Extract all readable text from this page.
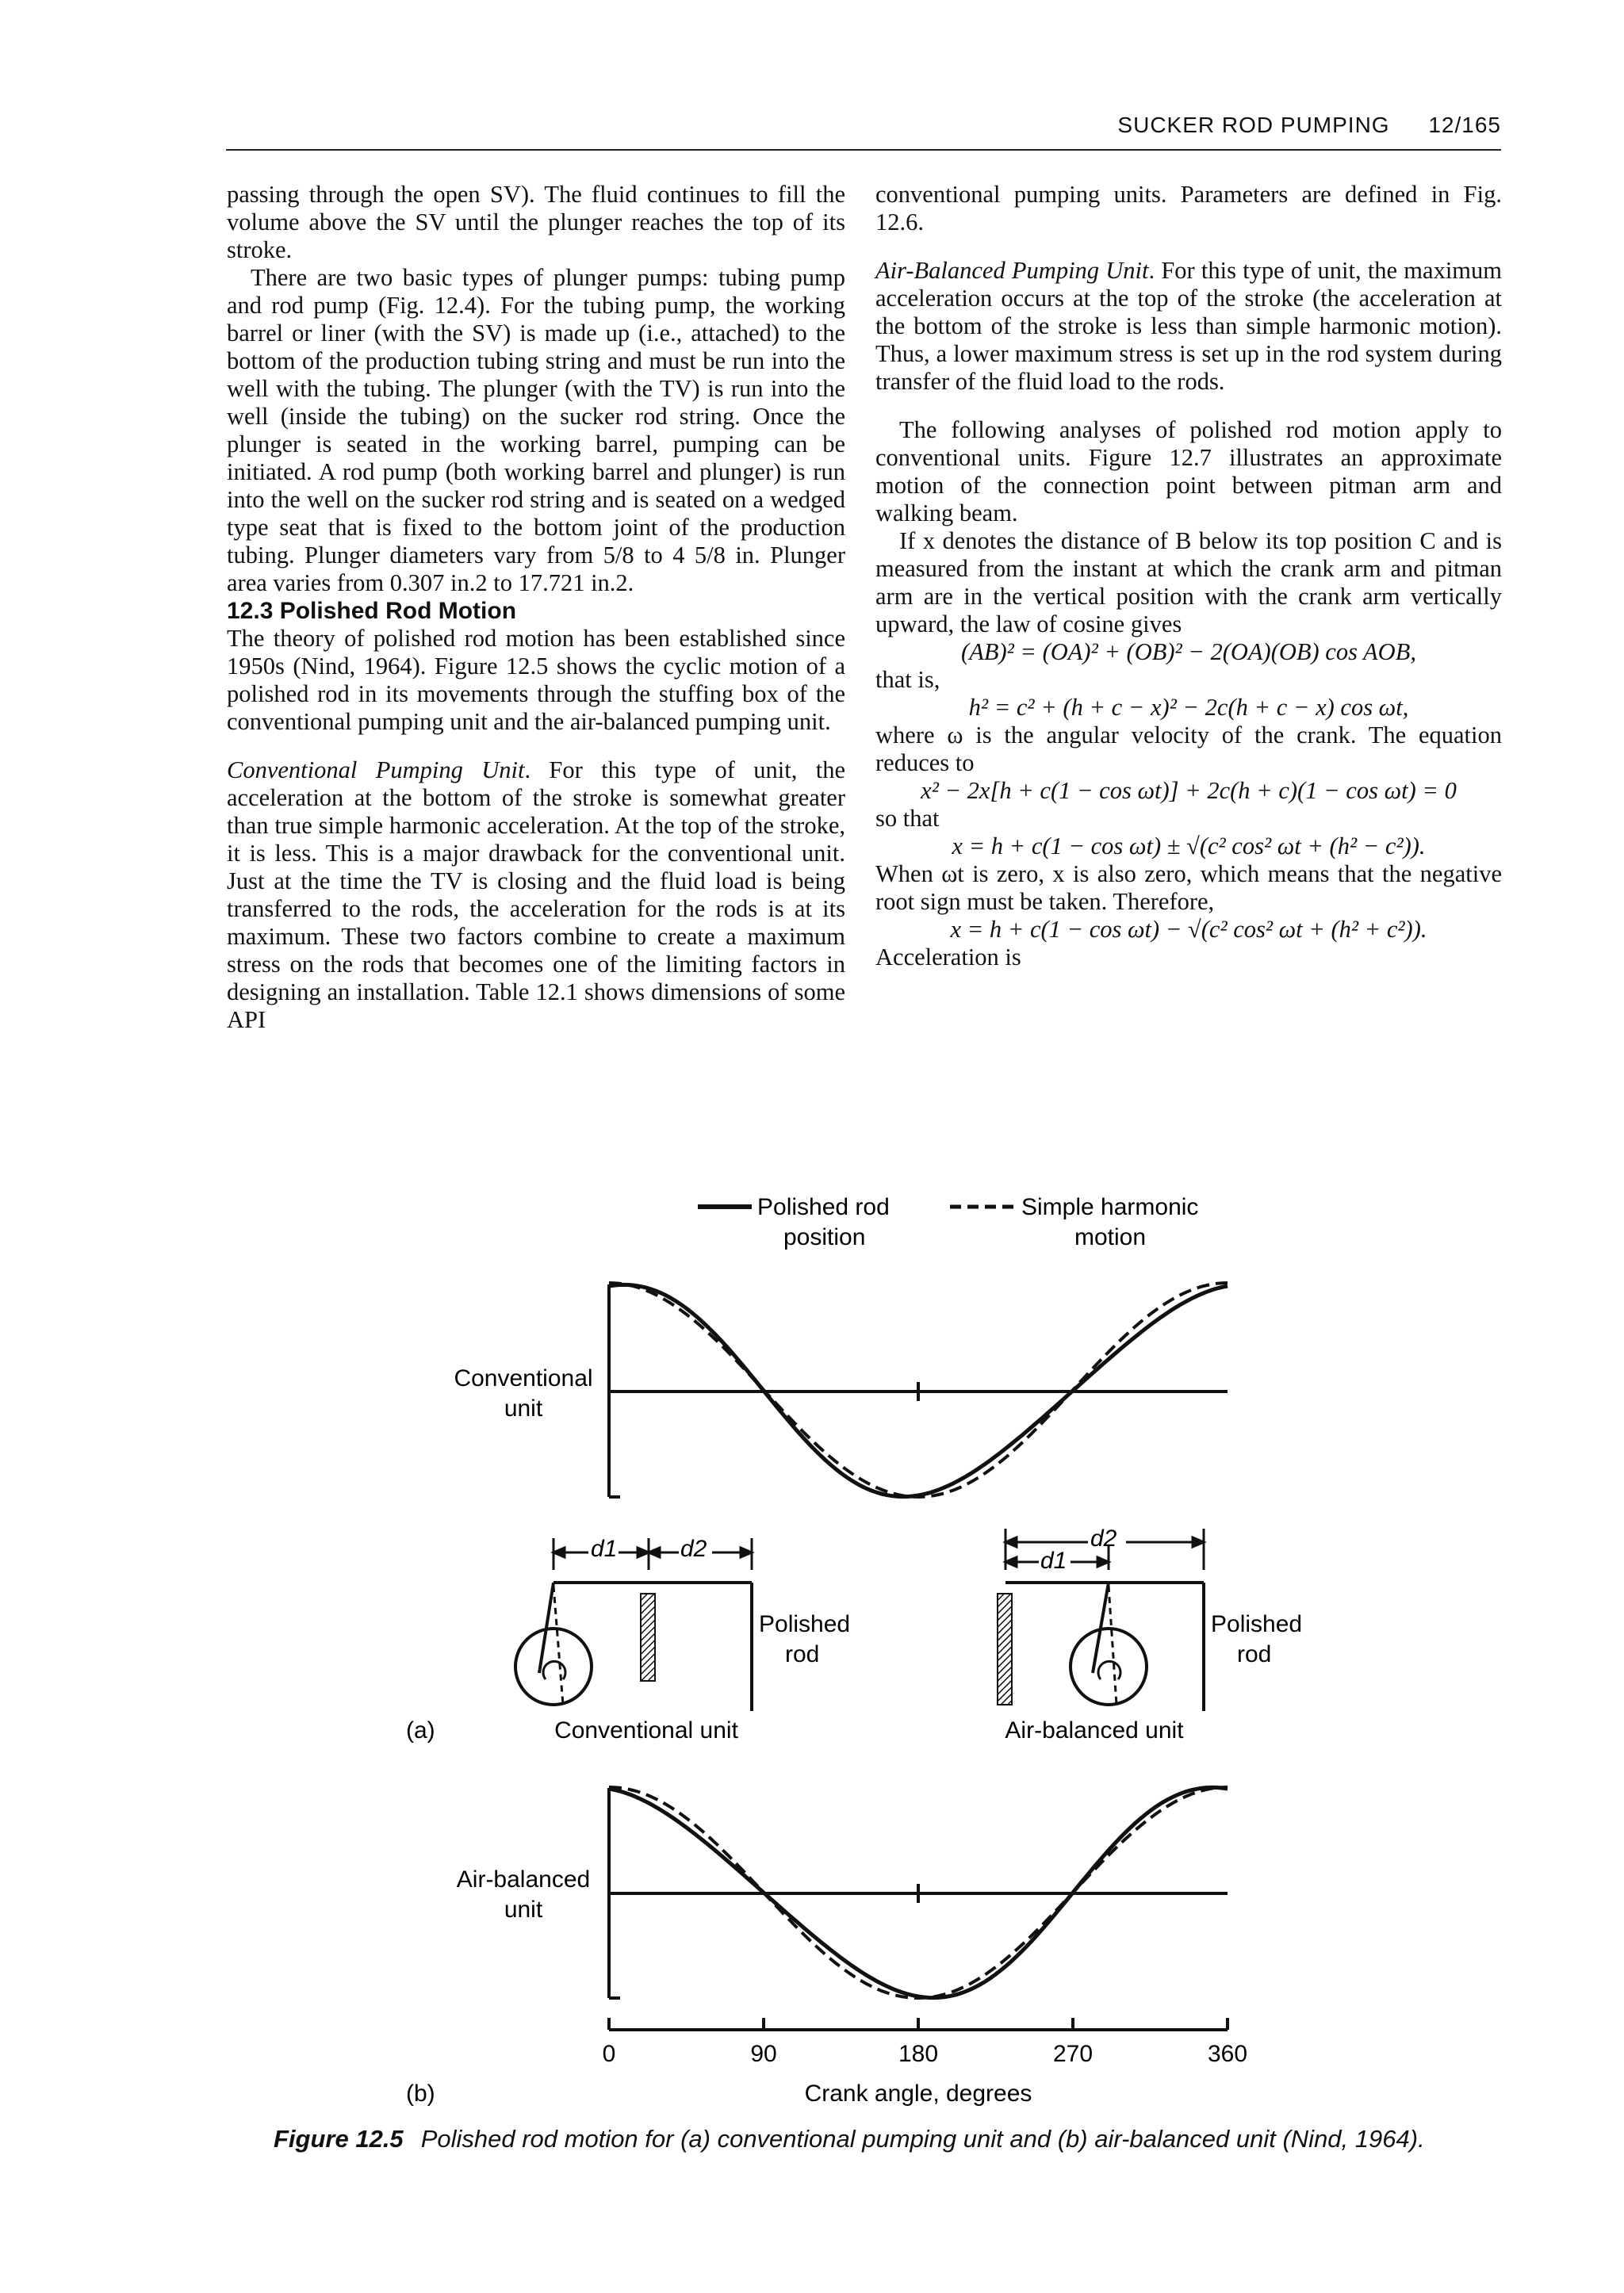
SUCKER ROD PUMPING 12/165

passing through the open SV). The fluid continues to fill the volume above the SV until the plunger reaches the top of its stroke.

There are two basic types of plunger pumps: tubing pump and rod pump (Fig. 12.4). For the tubing pump, the working barrel or liner (with the SV) is made up (i.e., attached) to the bottom of the production tubing string and must be run into the well with the tubing. The plunger (with the TV) is run into the well (inside the tubing) on the sucker rod string. Once the plunger is seated in the working barrel, pumping can be initiated. A rod pump (both working barrel and plunger) is run into the well on the sucker rod string and is seated on a wedged type seat that is fixed to the bottom joint of the production tubing. Plunger diameters vary from 5/8 to 4 5/8 in. Plunger area varies from 0.307 in.2 to 17.721 in.2.

12.3 Polished Rod Motion

The theory of polished rod motion has been established since 1950s (Nind, 1964). Figure 12.5 shows the cyclic motion of a polished rod in its movements through the stuffing box of the conventional pumping unit and the air-balanced pumping unit.

Conventional Pumping Unit. For this type of unit, the acceleration at the bottom of the stroke is somewhat greater than true simple harmonic acceleration. At the top of the stroke, it is less. This is a major drawback for the conventional unit. Just at the time the TV is closing and the fluid load is being transferred to the rods, the acceleration for the rods is at its maximum. These two factors combine to create a maximum stress on the rods that becomes one of the limiting factors in designing an installation. Table 12.1 shows dimensions of some API

conventional pumping units. Parameters are defined in Fig. 12.6.

Air-Balanced Pumping Unit. For this type of unit, the maximum acceleration occurs at the top of the stroke (the acceleration at the bottom of the stroke is less than simple harmonic motion). Thus, a lower maximum stress is set up in the rod system during transfer of the fluid load to the rods.

The following analyses of polished rod motion apply to conventional units. Figure 12.7 illustrates an approximate motion of the connection point between pitman arm and walking beam.

If x denotes the distance of B below its top position C and is measured from the instant at which the crank arm and pitman arm are in the vertical position with the crank arm vertically upward, the law of cosine gives

(AB)² = (OA)² + (OB)² − 2(OA)(OB) cos AOB,

that is,

h² = c² + (h + c − x)² − 2c(h + c − x) cos ωt,

where ω is the angular velocity of the crank. The equation reduces to

x² − 2x[h + c(1 − cos ωt)] + 2c(h + c)(1 − cos ωt) = 0

so that

x = h + c(1 − cos ωt) ± √(c² cos² ωt + (h² − c²)).

When ωt is zero, x is also zero, which means that the negative root sign must be taken. Therefore,

x = h + c(1 − cos ωt) − √(c² cos² ωt + (h² + c²)).

Acceleration is

Polished rod
position
Simple harmonic
motion
Conventional
unit
d1	d2
Polished
rod
d2
d1
Polished
rod
(a)	Conventional unit	Air-balanced unit
Air-balanced
unit
0	90	180	270	360
Crank angle, degrees
(b)
Figure 12.5 Polished rod motion for (a) conventional pumping unit and (b) air-balanced unit (Nind, 1964).
